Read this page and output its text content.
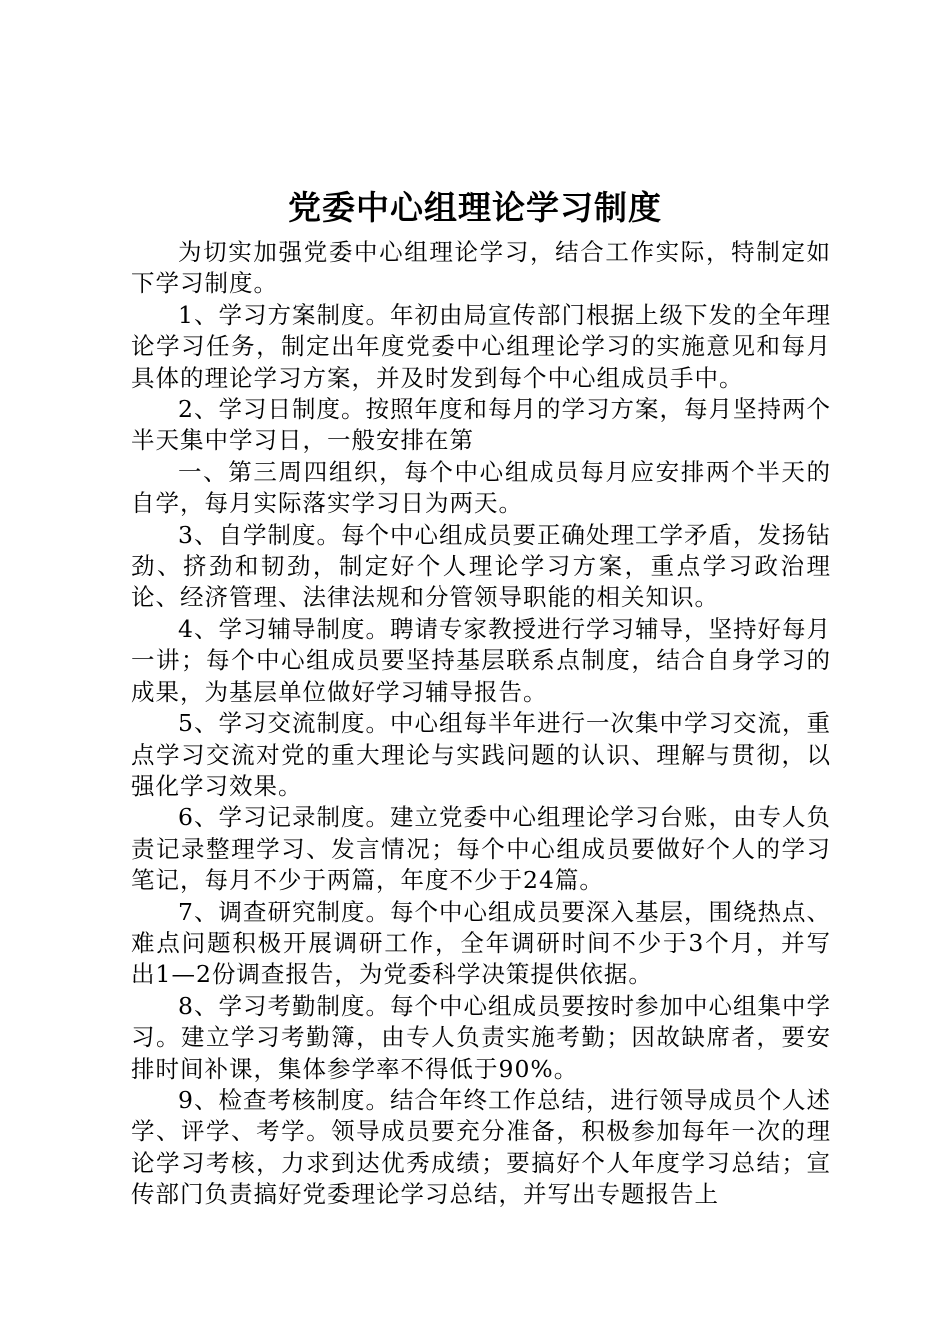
党委中心组理论学习制度

为切实加强党委中心组理论学习，结合工作实际，特制定如下学习制度。

1、学习方案制度。年初由局宣传部门根据上级下发的全年理论学习任务，制定出年度党委中心组理论学习的实施意见和每月具体的理论学习方案，并及时发到每个中心组成员手中。

2、学习日制度。按照年度和每月的学习方案，每月坚持两个半天集中学习日，一般安排在第

一、第三周四组织，每个中心组成员每月应安排两个半天的自学，每月实际落实学习日为两天。

3、自学制度。每个中心组成员要正确处理工学矛盾，发扬钻劲、挤劲和韧劲，制定好个人理论学习方案，重点学习政治理论、经济管理、法律法规和分管领导职能的相关知识。

4、学习辅导制度。聘请专家教授进行学习辅导，坚持好每月一讲；每个中心组成员要坚持基层联系点制度，结合自身学习的成果，为基层单位做好学习辅导报告。

5、学习交流制度。中心组每半年进行一次集中学习交流，重点学习交流对党的重大理论与实践问题的认识、理解与贯彻，以强化学习效果。

6、学习记录制度。建立党委中心组理论学习台账，由专人负责记录整理学习、发言情况；每个中心组成员要做好个人的学习笔记，每月不少于两篇，年度不少于24篇。

7、调查研究制度。每个中心组成员要深入基层，围绕热点、难点问题积极开展调研工作，全年调研时间不少于3个月，并写出1—2份调查报告，为党委科学决策提供依据。

8、学习考勤制度。每个中心组成员要按时参加中心组集中学习。建立学习考勤簿，由专人负责实施考勤；因故缺席者，要安排时间补课，集体参学率不得低于90%。

9、检查考核制度。结合年终工作总结，进行领导成员个人述学、评学、考学。领导成员要充分准备，积极参加每年一次的理论学习考核，力求到达优秀成绩；要搞好个人年度学习总结；宣传部门负责搞好党委理论学习总结，并写出专题报告上
